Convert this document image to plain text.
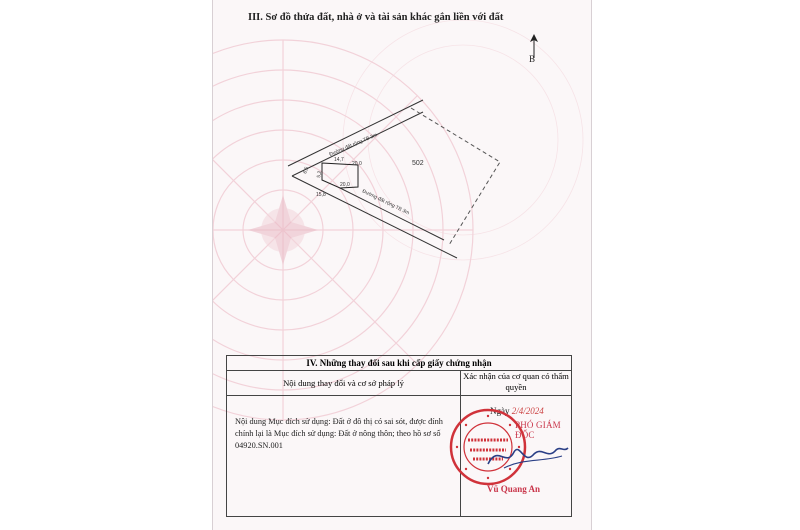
III. Sơ đồ thửa đất, nhà ở và tài sản khác gắn liền với đất
B
502
Đường đất rộng TB 3m
Đường đất rộng TB 3m
14,7
20,0
20,0
5,2
15,8
6,5
IV. Những thay đổi sau khi cấp giấy chứng nhận
Nội dung thay đổi và cơ sở pháp lý
Xác nhận của cơ quan có thẩm quyền
Nội dung Mục đích sử dụng: Đất ở đô thị có sai sót, được đính chính lại là Mục đích sử dụng: Đất ở nông thôn; theo hồ sơ số 04920.SN.001
Ngày 2/4/2024
PHÓ GIÁM ĐỐC
Vũ Quang An
